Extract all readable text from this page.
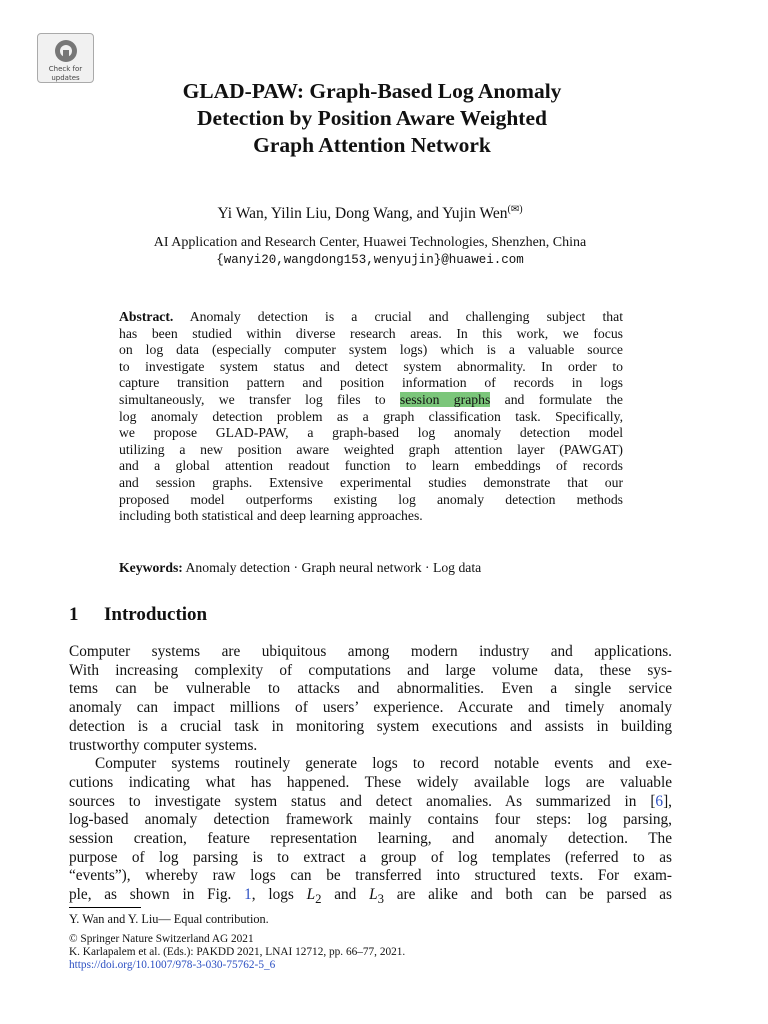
Check for
updates
GLAD-PAW: Graph-Based Log Anomaly
Detection by Position Aware Weighted
Graph Attention Network
Yi Wan, Yilin Liu, Dong Wang, and Yujin Wen(✉)
AI Application and Research Center, Huawei Technologies, Shenzhen, China
{wanyi20,wangdong153,wenyujin}@huawei.com
Abstract. Anomaly detection is a crucial and challenging subject that
has been studied within diverse research areas. In this work, we focus
on log data (especially computer system logs) which is a valuable source
to investigate system status and detect system abnormality. In order to
capture transition pattern and position information of records in logs
simultaneously, we transfer log files to session graphs and formulate the
log anomaly detection problem as a graph classification task. Specifically,
we propose GLAD-PAW, a graph-based log anomaly detection model
utilizing a new position aware weighted graph attention layer (PAWGAT)
and a global attention readout function to learn embeddings of records
and session graphs. Extensive experimental studies demonstrate that our
proposed model outperforms existing log anomaly detection methods
including both statistical and deep learning approaches.
Keywords: Anomaly detection · Graph neural network · Log data
1 Introduction
Computer systems are ubiquitous among modern industry and applications.
With increasing complexity of computations and large volume data, these sys-
tems can be vulnerable to attacks and abnormalities. Even a single service
anomaly can impact millions of users’ experience. Accurate and timely anomaly
detection is a crucial task in monitoring system executions and assists in building
trustworthy computer systems.
Computer systems routinely generate logs to record notable events and exe-
cutions indicating what has happened. These widely available logs are valuable
sources to investigate system status and detect anomalies. As summarized in [6],
log-based anomaly detection framework mainly contains four steps: log parsing,
session creation, feature representation learning, and anomaly detection. The
purpose of log parsing is to extract a group of log templates (referred to as
“events”), whereby raw logs can be transferred into structured texts. For exam-
ple, as shown in Fig. 1, logs $L_2$ and $L_3$ are alike and both can be parsed as
Y. Wan and Y. Liu— Equal contribution.
© Springer Nature Switzerland AG 2021
K. Karlapalem et al. (Eds.): PAKDD 2021, LNAI 12712, pp. 66–77, 2021.
https://doi.org/10.1007/978-3-030-75762-5_6
